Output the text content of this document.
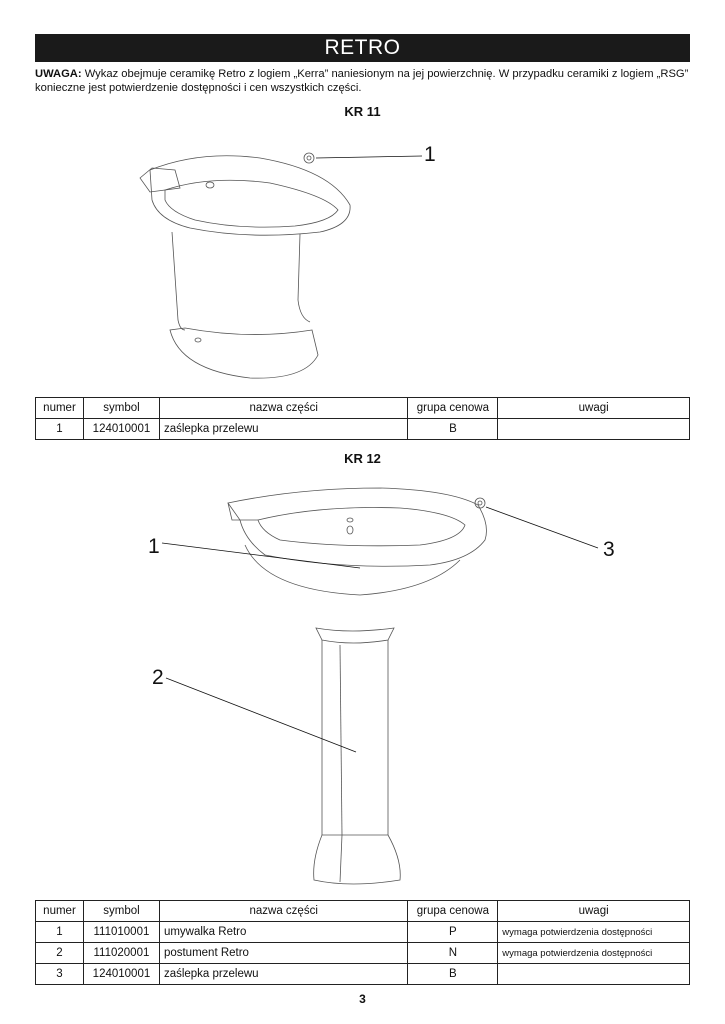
RETRO
UWAGA: Wykaz obejmuje ceramikę Retro z logiem „Kerra” naniesionym na jej powierzchnię. W przypadku ceramiki z logiem „RSG” konieczne jest potwierdzenie dostępności i cen wszystkich części.
KR 11
1
numer	symbol	nazwa części	grupa cenowa	uwagi
1	124010001	zaślepka przelewu	B	
KR 12
1	3
2
numer	symbol	nazwa części	grupa cenowa	uwagi
1	111010001	umywalka Retro	P	wymaga potwierdzenia dostępności
2	111020001	postument Retro	N	wymaga potwierdzenia dostępności
3	124010001	zaślepka przelewu	B	
3
